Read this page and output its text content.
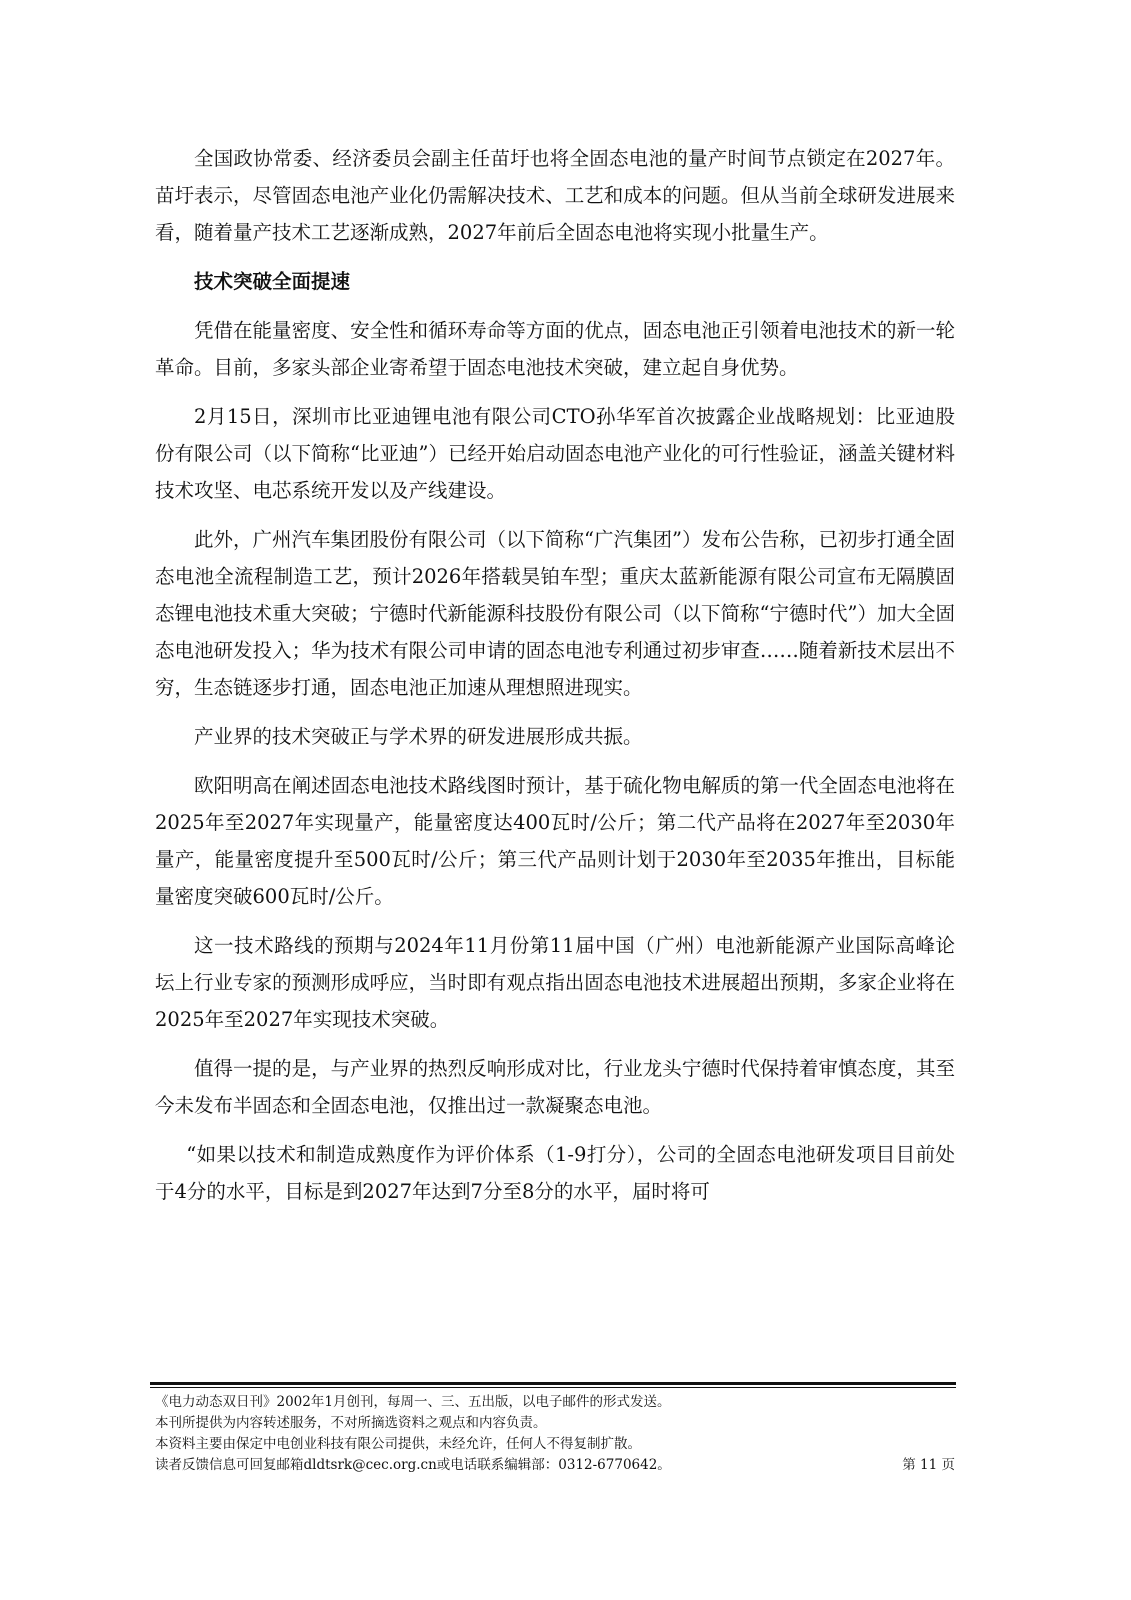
全国政协常委、经济委员会副主任苗圩也将全固态电池的量产时间节点锁定在2027年。苗圩表示，尽管固态电池产业化仍需解决技术、工艺和成本的问题。但从当前全球研发进展来看，随着量产技术工艺逐渐成熟，2027年前后全固态电池将实现小批量生产。

技术突破全面提速

凭借在能量密度、安全性和循环寿命等方面的优点，固态电池正引领着电池技术的新一轮革命。目前，多家头部企业寄希望于固态电池技术突破，建立起自身优势。

2月15日，深圳市比亚迪锂电池有限公司CTO孙华军首次披露企业战略规划：比亚迪股份有限公司（以下简称“比亚迪”）已经开始启动固态电池产业化的可行性验证，涵盖关键材料技术攻坚、电芯系统开发以及产线建设。

此外，广州汽车集团股份有限公司（以下简称“广汽集团”）发布公告称，已初步打通全固态电池全流程制造工艺，预计2026年搭载昊铂车型；重庆太蓝新能源有限公司宣布无隔膜固态锂电池技术重大突破；宁德时代新能源科技股份有限公司（以下简称“宁德时代”）加大全固态电池研发投入；华为技术有限公司申请的固态电池专利通过初步审查……随着新技术层出不穷，生态链逐步打通，固态电池正加速从理想照进现实。

产业界的技术突破正与学术界的研发进展形成共振。

欧阳明高在阐述固态电池技术路线图时预计，基于硫化物电解质的第一代全固态电池将在2025年至2027年实现量产，能量密度达400瓦时/公斤；第二代产品将在2027年至2030年量产，能量密度提升至500瓦时/公斤；第三代产品则计划于2030年至2035年推出，目标能量密度突破600瓦时/公斤。

这一技术路线的预期与2024年11月份第11届中国（广州）电池新能源产业国际高峰论坛上行业专家的预测形成呼应，当时即有观点指出固态电池技术进展超出预期，多家企业将在2025年至2027年实现技术突破。

值得一提的是，与产业界的热烈反响形成对比，行业龙头宁德时代保持着审慎态度，其至今未发布半固态和全固态电池，仅推出过一款凝聚态电池。

“如果以技术和制造成熟度作为评价体系（1-9打分），公司的全固态电池研发项目目前处于4分的水平，目标是到2027年达到7分至8分的水平，届时将可

《电力动态双日刊》2002年1月创刊，每周一、三、五出版，以电子邮件的形式发送。
本刊所提供为内容转述服务，不对所摘选资料之观点和内容负责。
本资料主要由保定中电创业科技有限公司提供，未经允许，任何人不得复制扩散。
读者反馈信息可回复邮箱dldtsrk@cec.org.cn或电话联系编辑部：0312-6770642。	第 11 页
